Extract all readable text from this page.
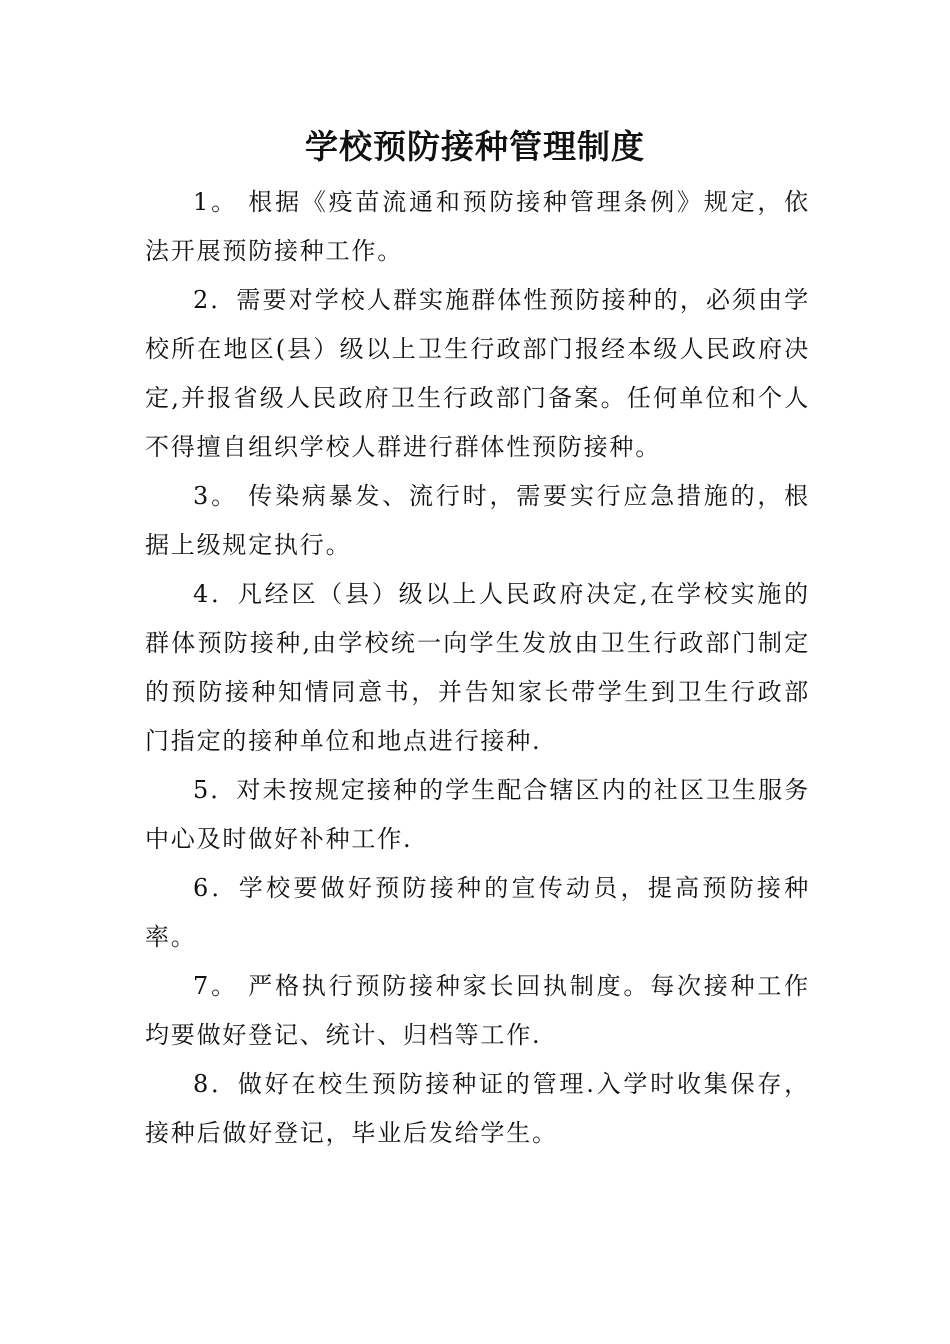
学校预防接种管理制度

1。 根据《疫苗流通和预防接种管理条例》规定，依法开展预防接种工作。

2．需要对学校人群实施群体性预防接种的，必须由学校所在地区(县）级以上卫生行政部门报经本级人民政府决定,并报省级人民政府卫生行政部门备案。任何单位和个人不得擅自组织学校人群进行群体性预防接种。

3。 传染病暴发、流行时，需要实行应急措施的，根据上级规定执行。

4．凡经区（县）级以上人民政府决定,在学校实施的群体预防接种,由学校统一向学生发放由卫生行政部门制定的预防接种知情同意书，并告知家长带学生到卫生行政部门指定的接种单位和地点进行接种.

5．对未按规定接种的学生配合辖区内的社区卫生服务中心及时做好补种工作.

6．学校要做好预防接种的宣传动员，提高预防接种率。

7。 严格执行预防接种家长回执制度。每次接种工作均要做好登记、统计、归档等工作.

8．做好在校生预防接种证的管理.入学时收集保存，接种后做好登记，毕业后发给学生。
